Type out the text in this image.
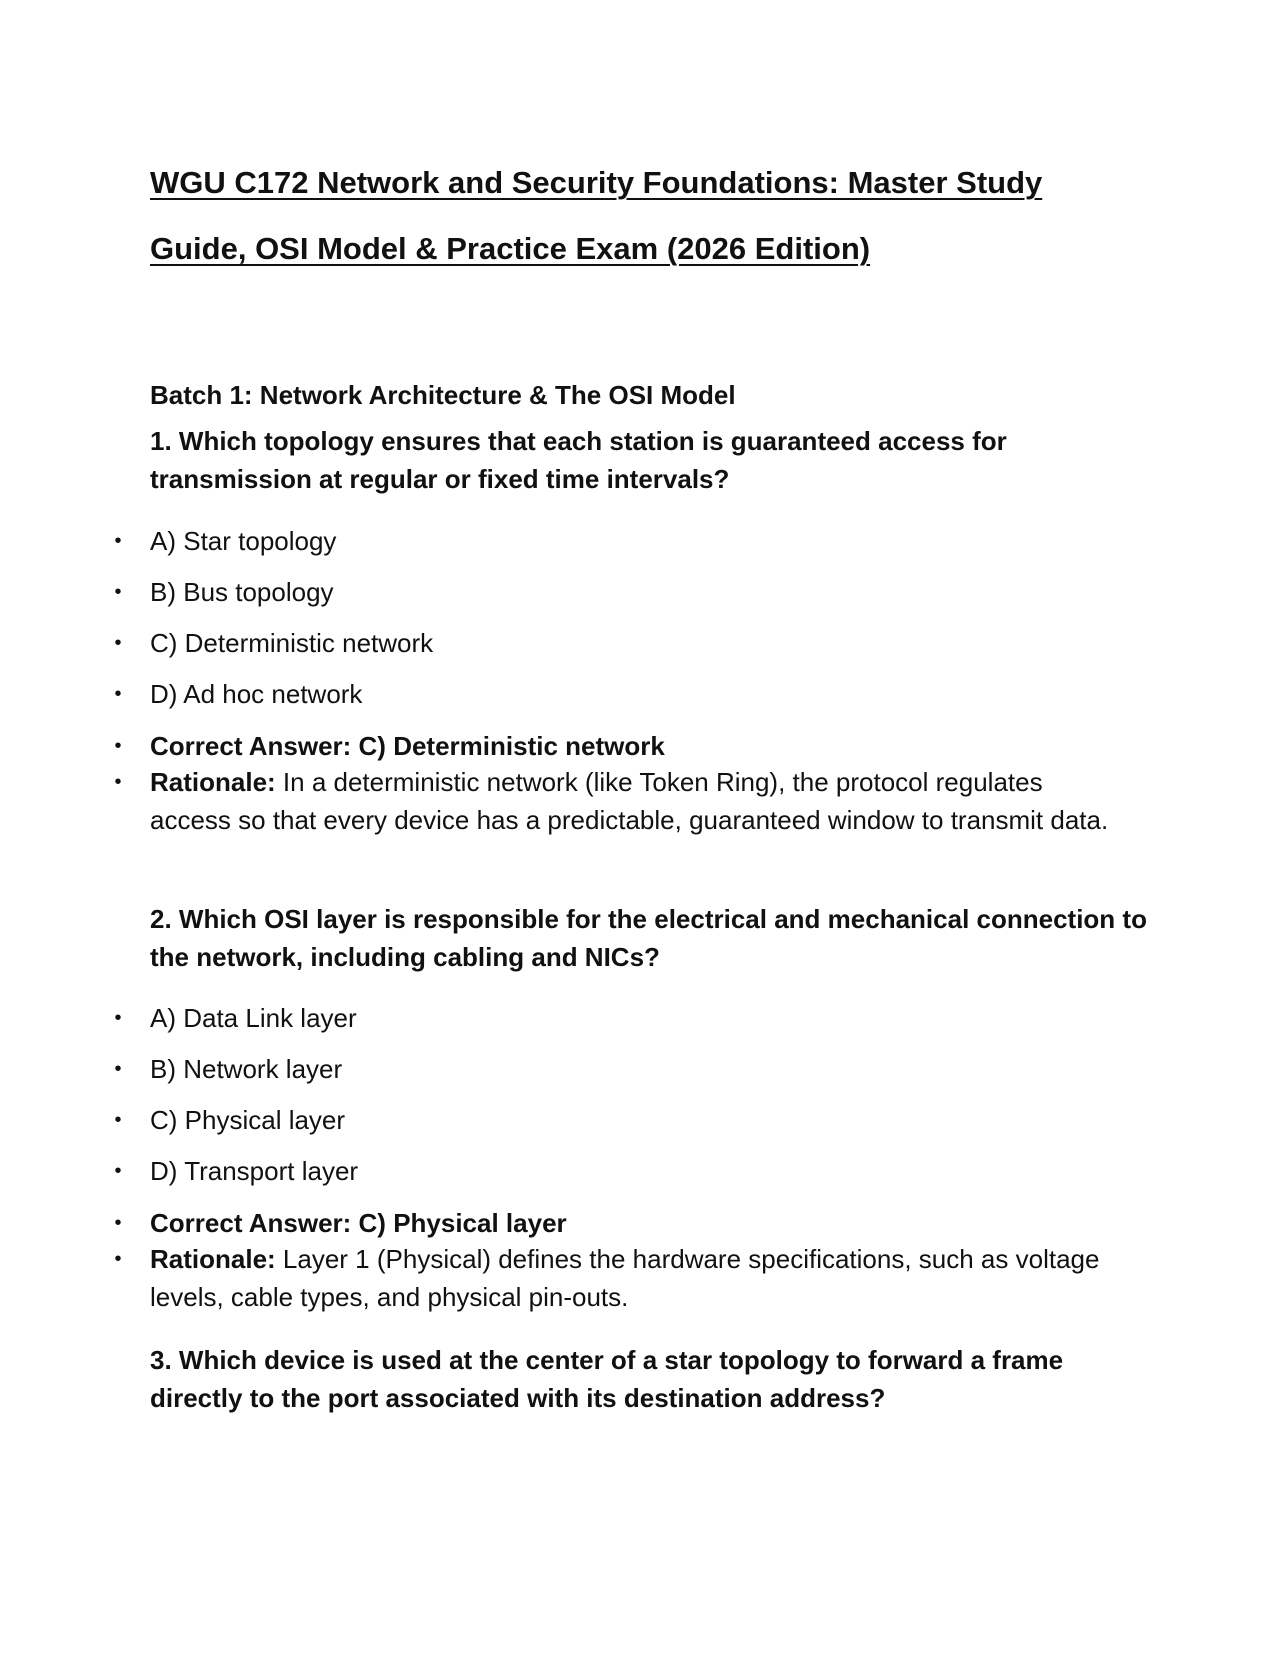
WGU C172 Network and Security Foundations: Master Study
Guide, OSI Model & Practice Exam (2026 Edition)
Batch 1: Network Architecture & The OSI Model
1. Which topology ensures that each station is guaranteed access for transmission at regular or fixed time intervals?
• A) Star topology
• B) Bus topology
• C) Deterministic network
• D) Ad hoc network
• Correct Answer: C) Deterministic network
• Rationale: In a deterministic network (like Token Ring), the protocol regulates access so that every device has a predictable, guaranteed window to transmit data.
2. Which OSI layer is responsible for the electrical and mechanical connection to the network, including cabling and NICs?
• A) Data Link layer
• B) Network layer
• C) Physical layer
• D) Transport layer
• Correct Answer: C) Physical layer
• Rationale: Layer 1 (Physical) defines the hardware specifications, such as voltage levels, cable types, and physical pin-outs.
3. Which device is used at the center of a star topology to forward a frame directly to the port associated with its destination address?
